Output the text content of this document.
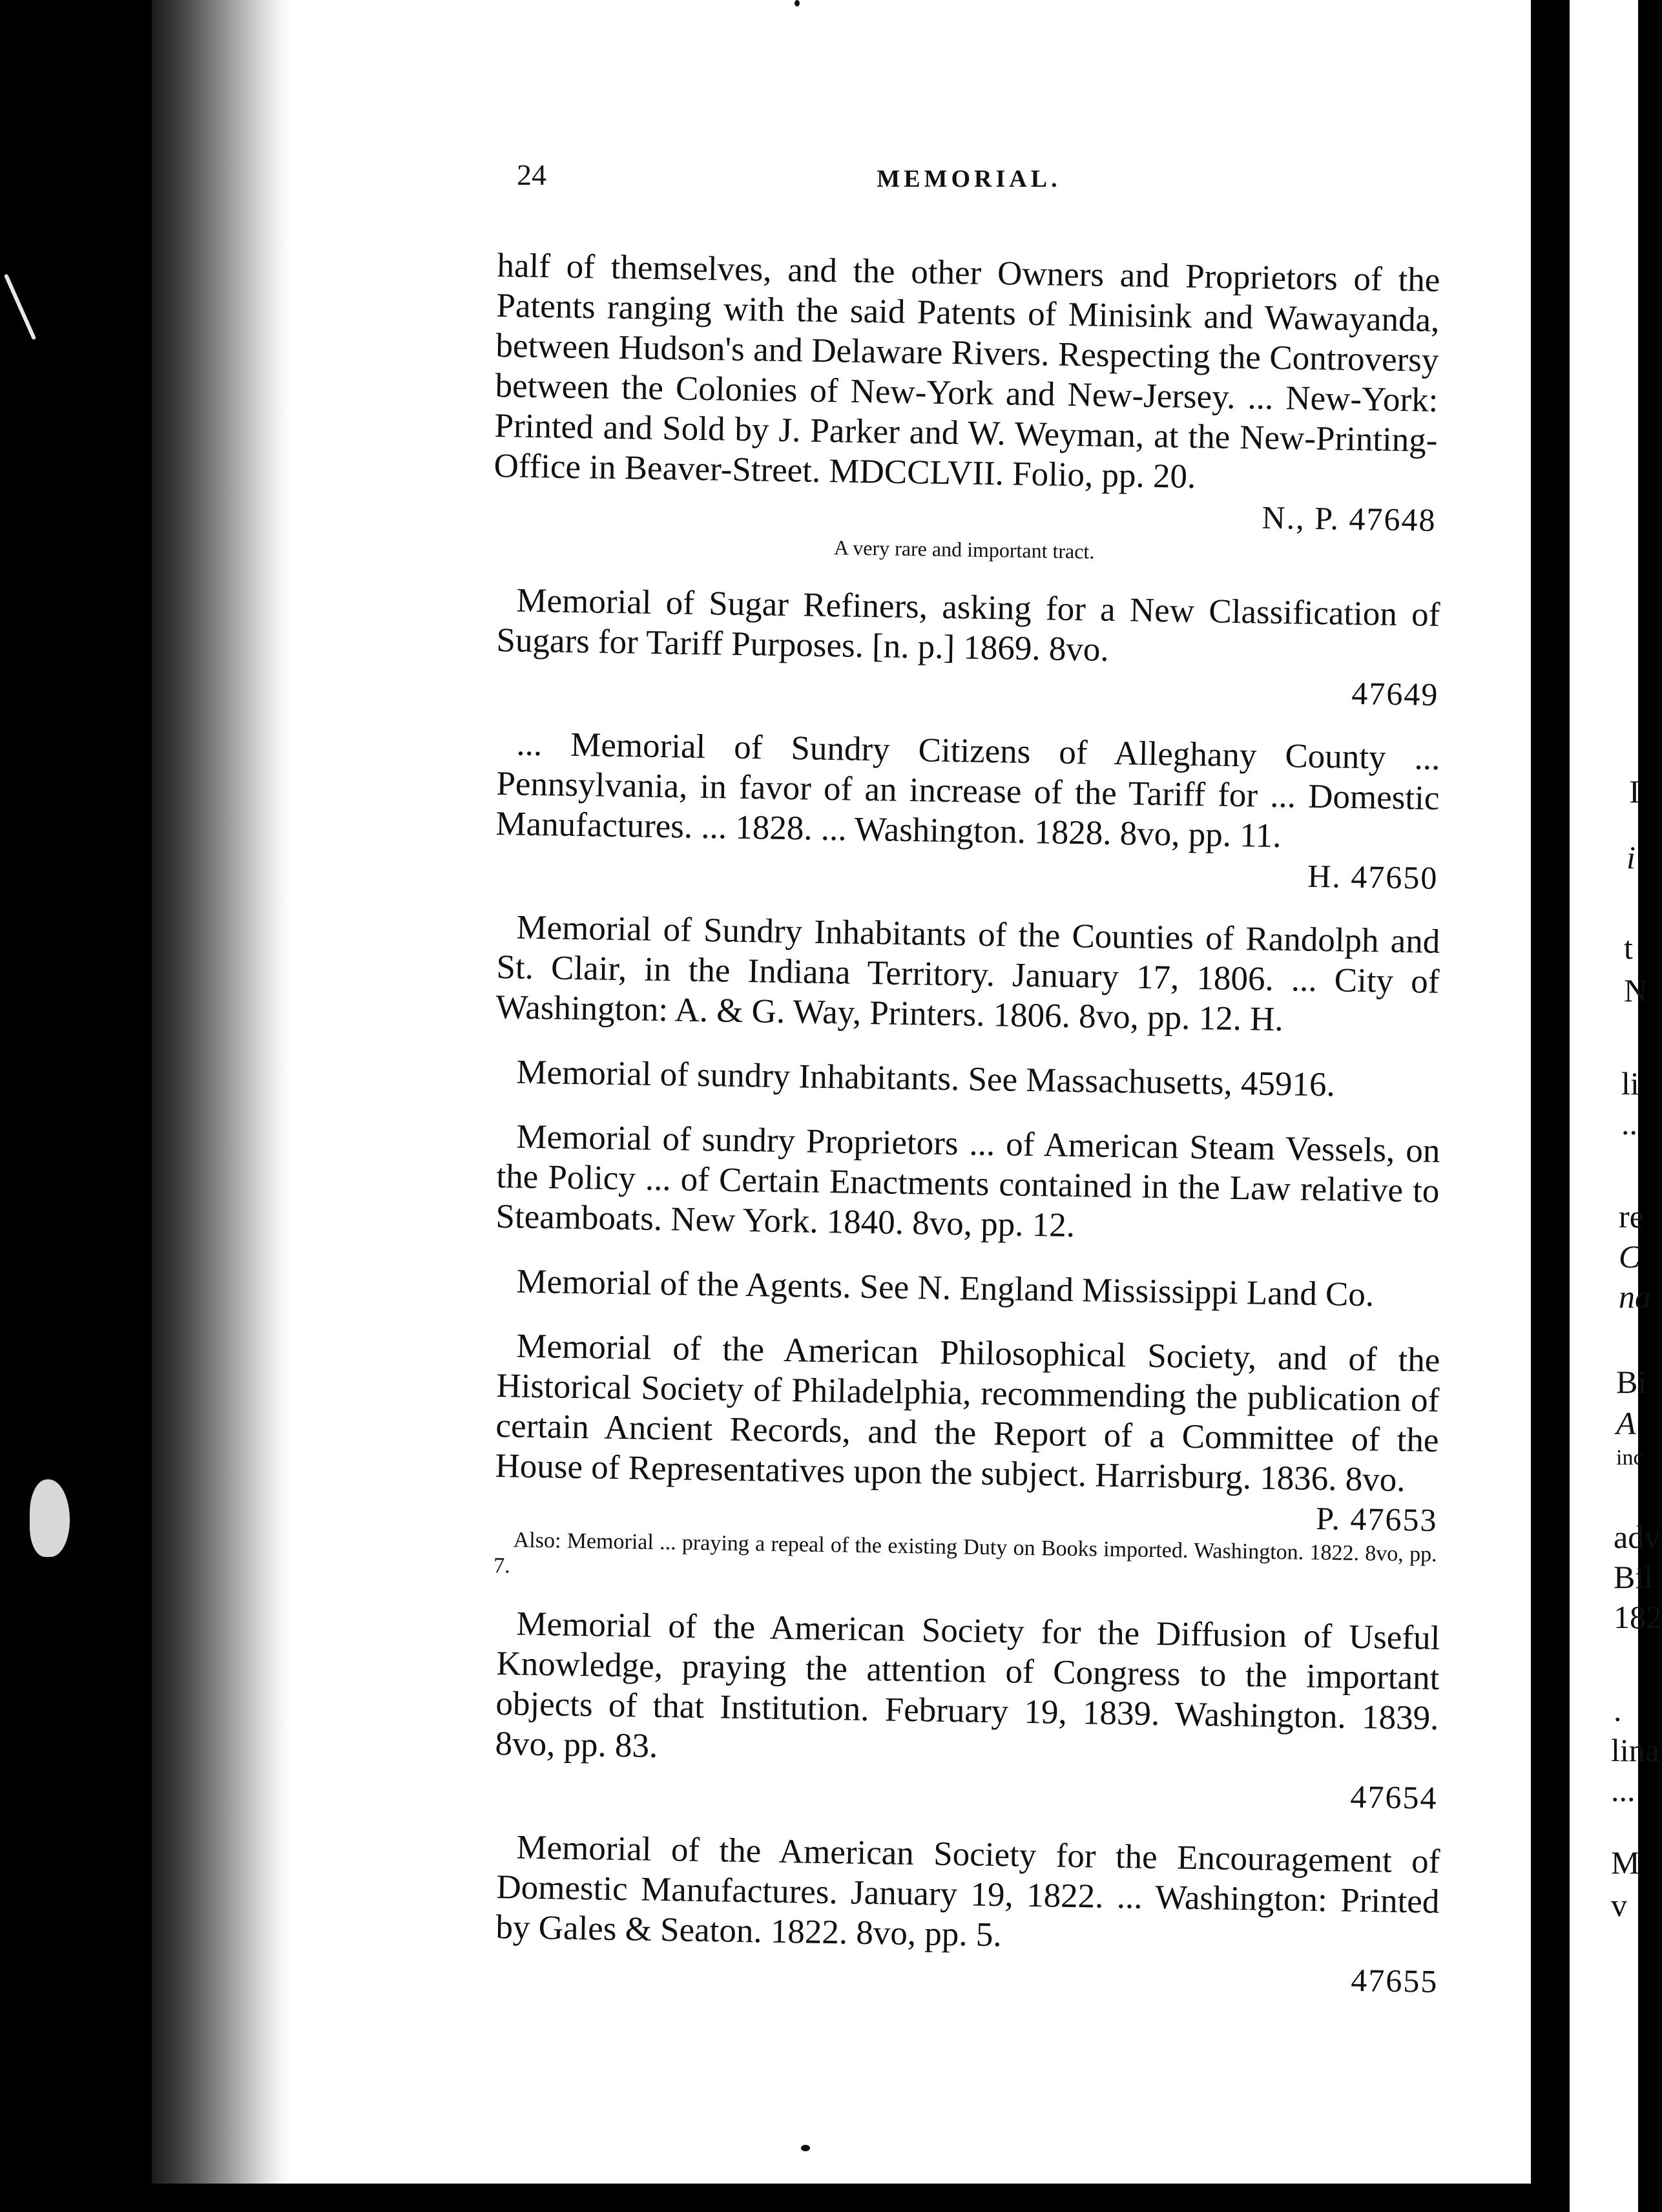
24	MEMORIAL.

half of themselves, and the other Owners and Proprietors of the Patents ranging with the said Patents of Minisink and Wawayanda, between Hudson's and Delaware Rivers. Respecting the Controversy between the Colonies of New-York and New-Jersey. ... New-York: Printed and Sold by J. Parker and W. Weyman, at the New-Printing-Office in Beaver-Street. MDCCLVII. Folio, pp. 20.

N., P. 47648
A very rare and important tract.

Memorial of Sugar Refiners, asking for a New Classification of Sugars for Tariff Purposes. [n. p.] 1869. 8vo.

47649

... Memorial of Sundry Citizens of Alleghany County ... Pennsylvania, in favor of an increase of the Tariff for ... Domestic Manufactures. ... 1828. ... Washington. 1828. 8vo, pp. 11.

H. 47650

Memorial of Sundry Inhabitants of the Counties of Randolph and St. Clair, in the Indiana Territory. January 17, 1806. ... City of Washington: A. & G. Way, Printers. 1806. 8vo, pp. 12. H.

Memorial of sundry Inhabitants. See Massachusetts, 45916.

Memorial of sundry Proprietors ... of American Steam Vessels, on the Policy ... of Certain Enactments contained in the Law relative to Steamboats. New York. 1840. 8vo, pp. 12.

Memorial of the Agents. See N. England Mississippi Land Co.

Memorial of the American Philosophical Society, and of the Historical Society of Philadelphia, recommending the publication of certain Ancient Records, and the Report of a Committee of the House of Representatives upon the subject. Harrisburg. 1836. 8vo.

P. 47653
Also: Memorial ... praying a repeal of the existing Duty on Books imported. Washington. 1822. 8vo, pp. 7.

Memorial of the American Society for the Diffusion of Useful Knowledge, praying the attention of Congress to the important objects of that Institution. February 19, 1839. Washington. 1839. 8vo, pp. 83.

47654

Memorial of the American Society for the Encouragement of Domestic Manufactures. January 19, 1822. ... Washington: Printed by Gales & Seaton. 1822. 8vo, pp. 5.

47655
I
i
t
N
li
..
re
C
na
Bi
A
inc
adv
Bil
182
.
lina
...
M
v
